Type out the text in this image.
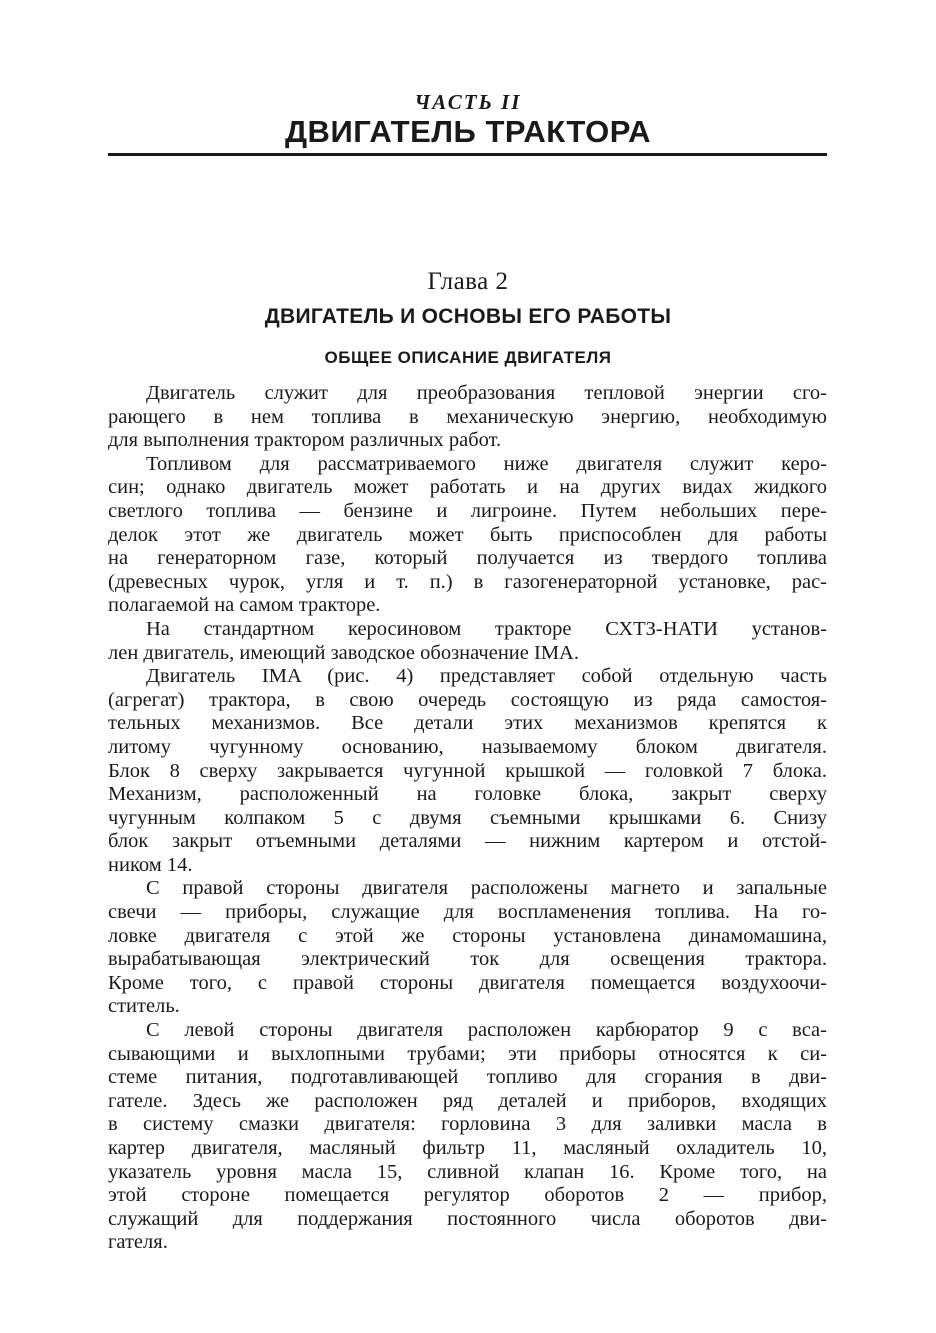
ЧАСТЬ II
ДВИГАТЕЛЬ ТРАКТОРА
Глава 2
ДВИГАТЕЛЬ И ОСНОВЫ ЕГО РАБОТЫ
ОБЩЕЕ ОПИСАНИЕ ДВИГАТЕЛЯ
Двигатель служит для преобразования тепловой энергии сго-
рающего в нем топлива в механическую энергию, необходимую
для выполнения трактором различных работ.
Топливом для рассматриваемого ниже двигателя служит керо-
син; однако двигатель может работать и на других видах жидкого
светлого топлива — бензине и лигроине. Путем небольших пере-
делок этот же двигатель может быть приспособлен для работы
на генераторном газе, который получается из твердого топлива
(древесных чурок, угля и т. п.) в газогенераторной установке, рас-
полагаемой на самом тракторе.
На стандартном керосиновом тракторе СХТЗ-НАТИ установ-
лен двигатель, имеющий заводское обозначение IMA.
Двигатель IMA (рис. 4) представляет собой отдельную часть
(агрегат) трактора, в свою очередь состоящую из ряда самостоя-
тельных механизмов. Все детали этих механизмов крепятся к
литому чугунному основанию, называемому блоком двигателя.
Блок 8 сверху закрывается чугунной крышкой — головкой 7 блока.
Механизм, расположенный на головке блока, закрыт сверху
чугунным колпаком 5 с двумя съемными крышками 6. Снизу
блок закрыт отъемными деталями — нижним картером и отстой-
ником 14.
С правой стороны двигателя расположены магнето и запальные
свечи — приборы, служащие для воспламенения топлива. На го-
ловке двигателя с этой же стороны установлена динамомашина,
вырабатывающая электрический ток для освещения трактора.
Кроме того, с правой стороны двигателя помещается воздухоочи-
ститель.
С левой стороны двигателя расположен карбюратор 9 с вса-
сывающими и выхлопными трубами; эти приборы относятся к си-
стеме питания, подготавливающей топливо для сгорания в дви-
гателе. Здесь же расположен ряд деталей и приборов, входящих
в систему смазки двигателя: горловина 3 для заливки масла в
картер двигателя, масляный фильтр 11, масляный охладитель 10,
указатель уровня масла 15, сливной клапан 16. Кроме того, на
этой стороне помещается регулятор оборотов 2 — прибор,
служащий для поддержания постоянного числа оборотов дви-
гателя.
